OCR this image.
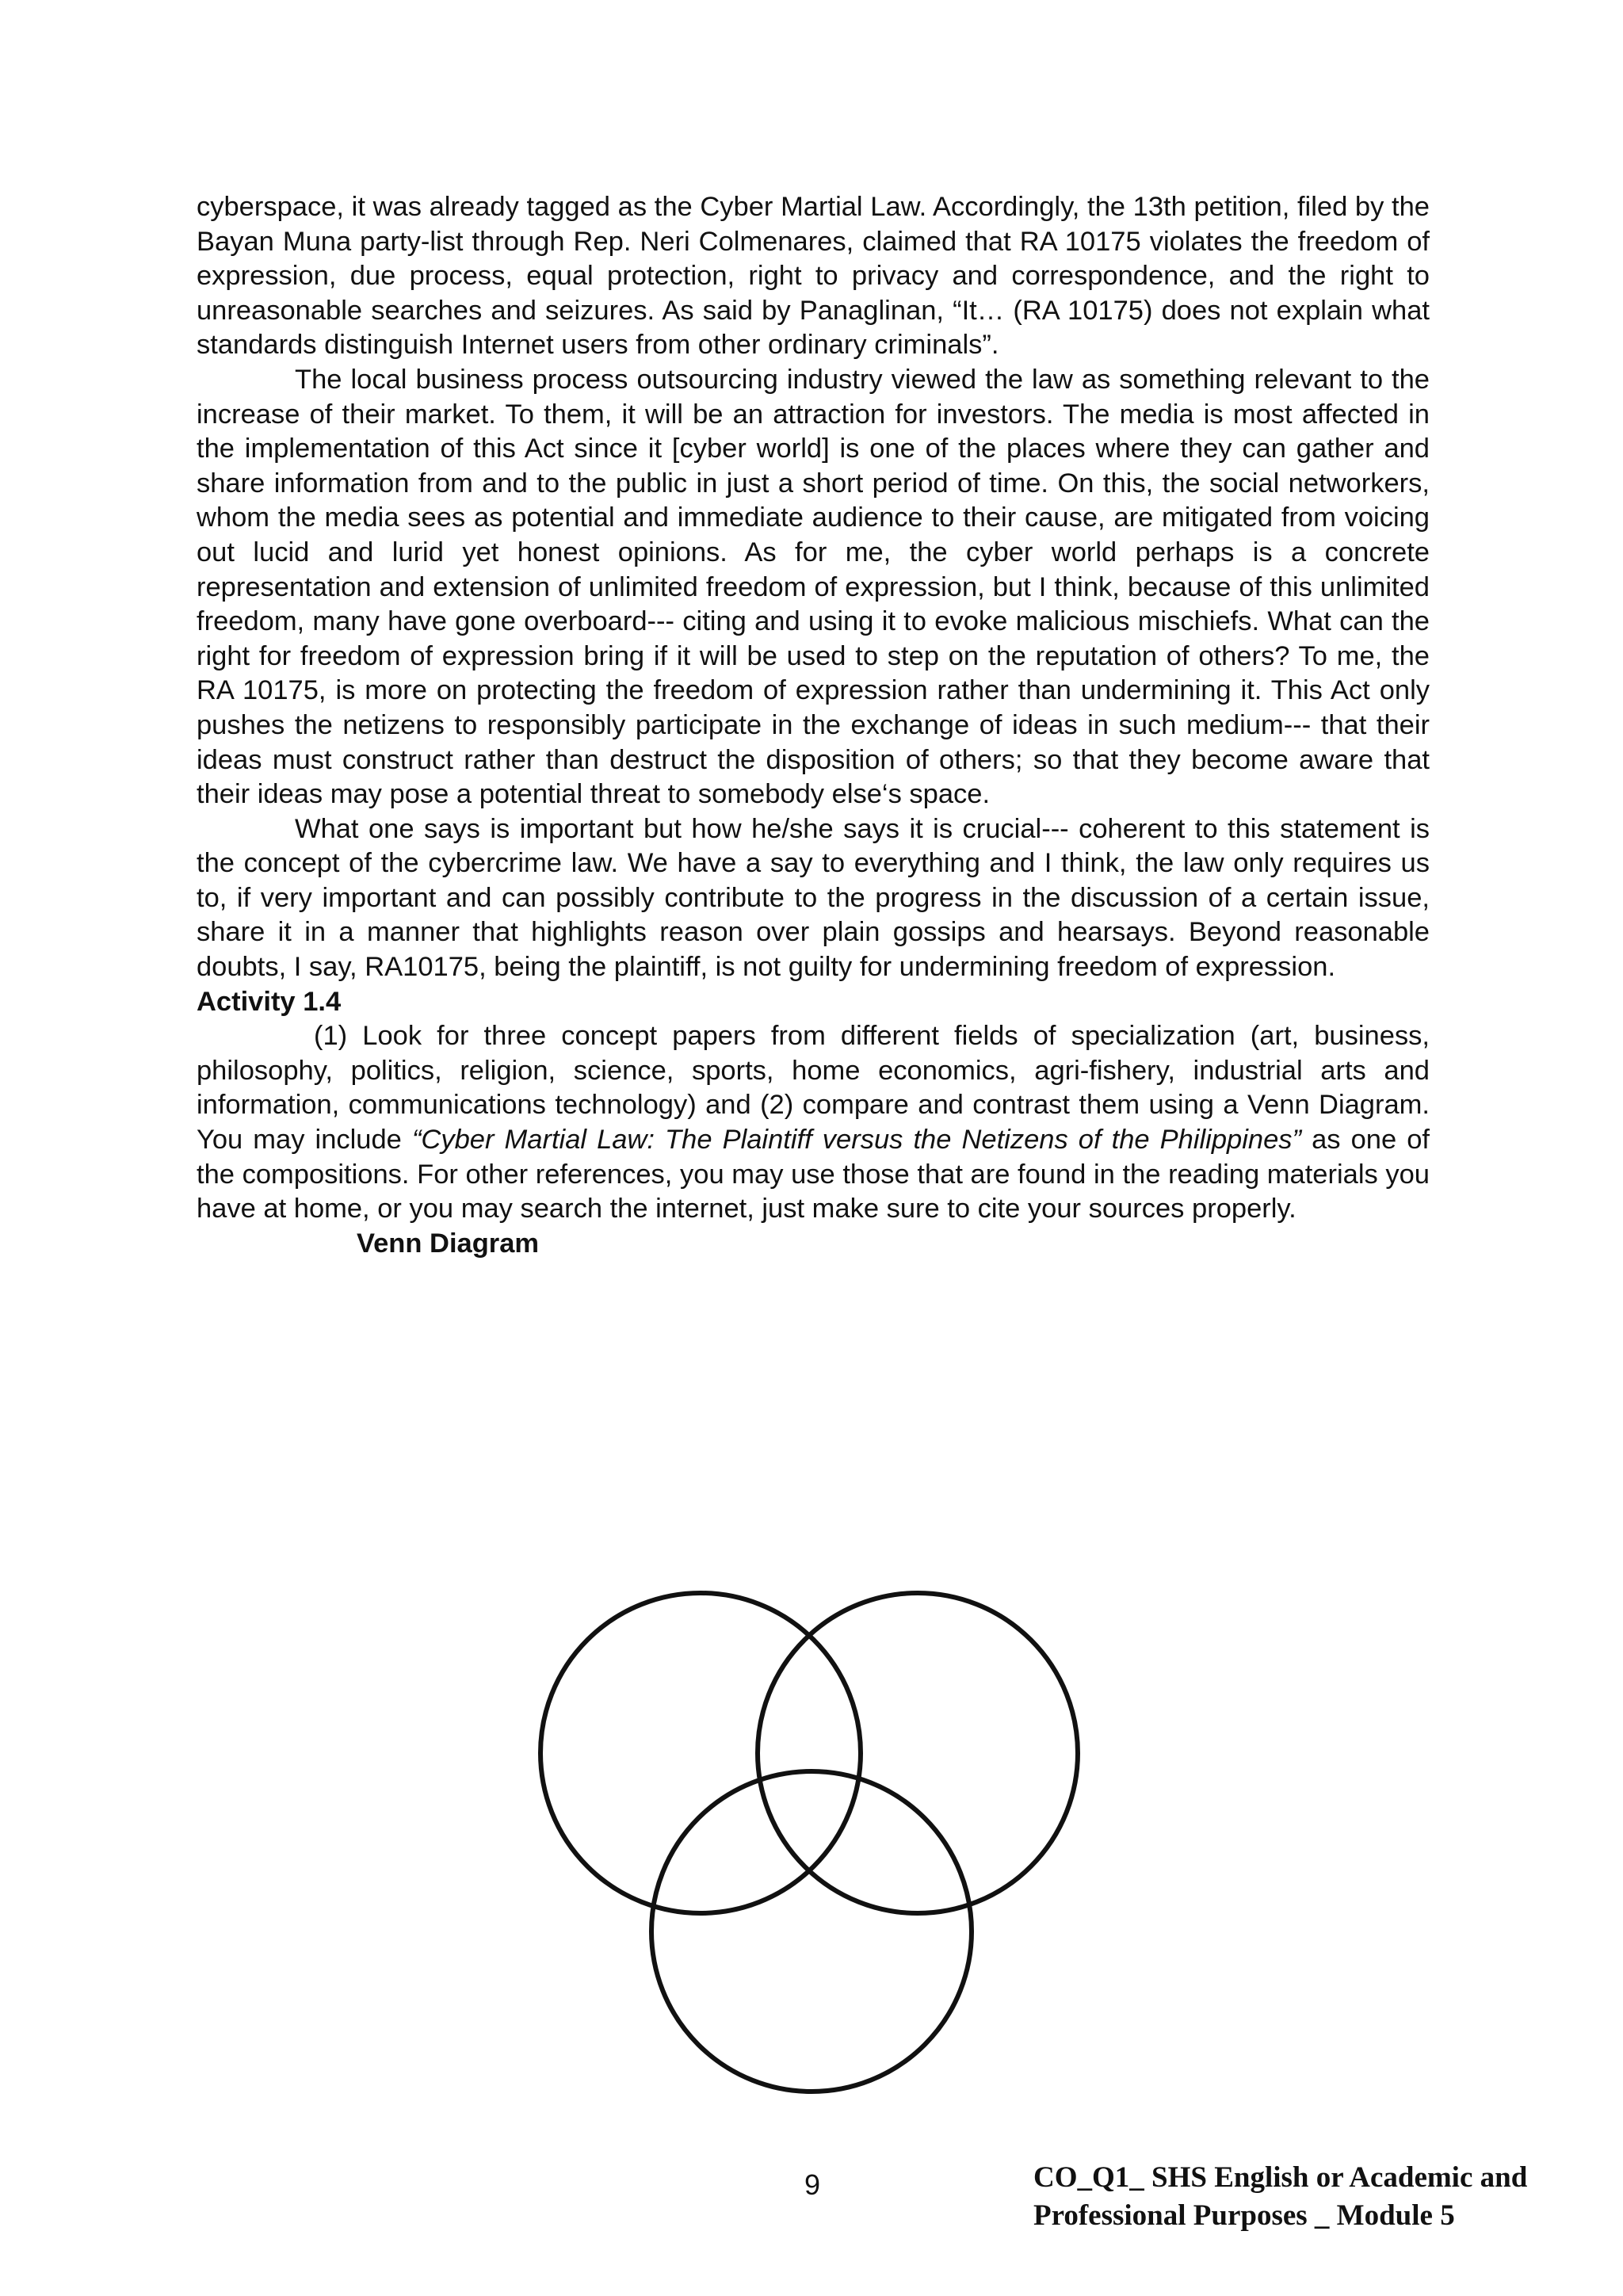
cyberspace, it was already tagged as the Cyber Martial Law. Accordingly, the 13th petition, filed by the Bayan Muna party-list through Rep. Neri Colmenares, claimed that RA 10175 violates the freedom of expression, due process, equal protection, right to privacy and correspondence, and the right to unreasonable searches and seizures. As said by Panaglinan, “It… (RA 10175) does not explain what standards distinguish Internet users from other ordinary criminals”.

The local business process outsourcing industry viewed the law as something relevant to the increase of their market. To them, it will be an attraction for investors. The media is most affected in the implementation of this Act since it [cyber world] is one of the places where they can gather and share information from and to the public in just a short period of time. On this, the social networkers, whom the media sees as potential and immediate audience to their cause, are mitigated from voicing out lucid and lurid yet honest opinions. As for me, the cyber world perhaps is a concrete representation and extension of unlimited freedom of expression, but I think, because of this unlimited freedom, many have gone overboard--- citing and using it to evoke malicious mischiefs. What can the right for freedom of expression bring if it will be used to step on the reputation of others? To me, the RA 10175, is more on protecting the freedom of expression rather than undermining it. This Act only pushes the netizens to responsibly participate in the exchange of ideas in such medium--- that their ideas must construct rather than destruct the disposition of others; so that they become aware that their ideas may pose a potential threat to somebody else‘s space.

What one says is important but how he/she says it is crucial--- coherent to this statement is the concept of the cybercrime law. We have a say to everything and I think, the law only requires us to, if very important and can possibly contribute to the progress in the discussion of a certain issue, share it in a manner that highlights reason over plain gossips and hearsays. Beyond reasonable doubts, I say, RA10175, being the plaintiff, is not guilty for undermining freedom of expression.

Activity 1.4

(1) Look for three concept papers from different fields of specialization (art, business, philosophy, politics, religion, science, sports, home economics, agri-fishery, industrial arts and information, communications technology) and (2) compare and contrast them using a Venn Diagram. You may include “Cyber Martial Law: The Plaintiff versus the Netizens of the Philippines” as one of the compositions. For other references, you may use those that are found in the reading materials you have at home, or you may search the internet, just make sure to cite your sources properly.

Venn Diagram

9	CO_Q1_ SHS English or Academic and
Professional Purposes _ Module 5
